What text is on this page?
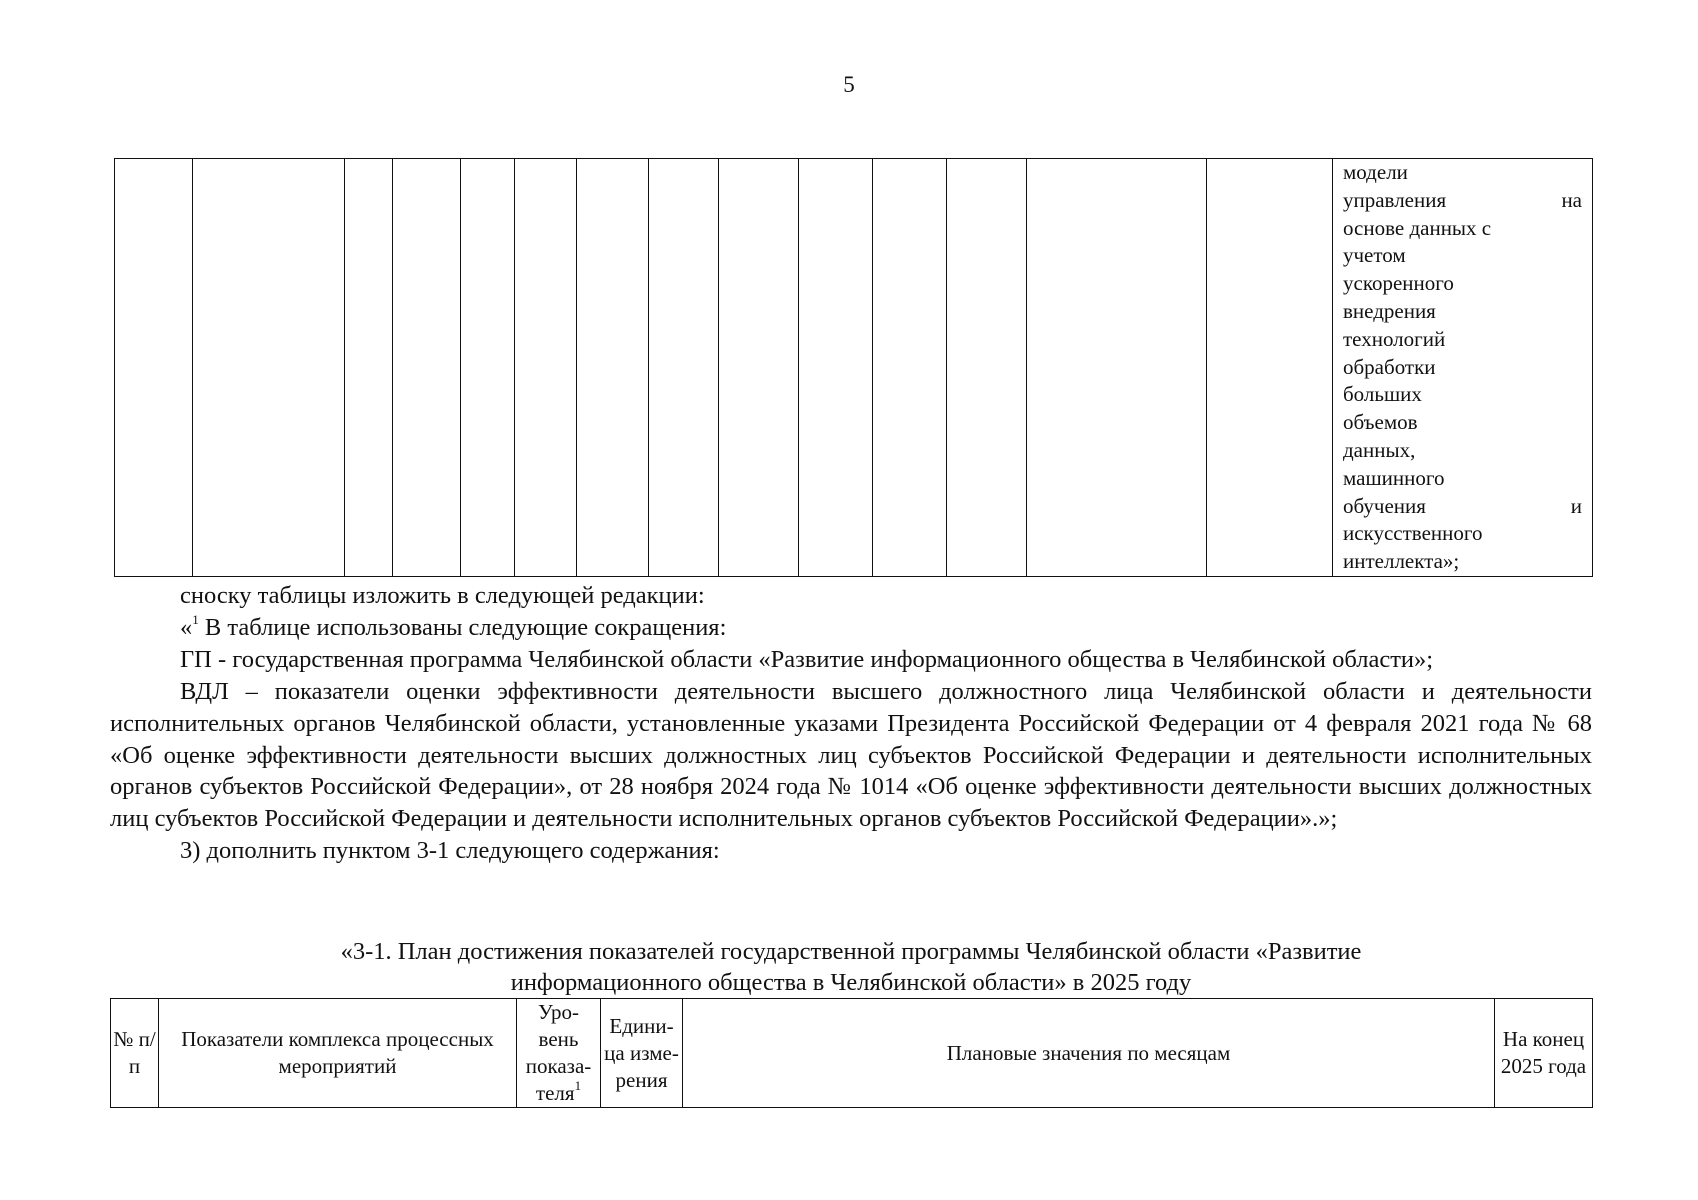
5

модели
управления	на
основе данных с
учетом
ускоренного
внедрения
технологий
обработки
больших
объемов
данных,
машинного
обучения	и
искусственного
интеллекта»;

сноску таблицы изложить в следующей редакции:

«$^1$ В таблице использованы следующие сокращения:

ГП - государственная программа Челябинской области «Развитие информационного общества в Челябинской области»;

ВДЛ – показатели оценки эффективности деятельности высшего должностного лица Челябинской области и деятельности исполнительных органов Челябинской области, установленные указами Президента Российской Федерации от 4 февраля 2021 года № 68 «Об оценке эффективности деятельности высших должностных лиц субъектов Российской Федерации и деятельности исполнительных органов субъектов Российской Федерации», от 28 ноября 2024 года № 1014 «Об оценке эффективности деятельности высших должностных лиц субъектов Российской Федерации и деятельности исполнительных органов субъектов Российской Федерации».»;

3) дополнить пунктом 3-1 следующего содержания:

«3-1. План достижения показателей государственной программы Челябинской области «Развитие
информационного общества в Челябинской области» в 2025 году
№ п/п	Показатели комплекса процессных мероприятий	Уро-вень показа-теля$^1$	Едини-ца изме-рения	Плановые значения по месяцам	На конец 2025 года
